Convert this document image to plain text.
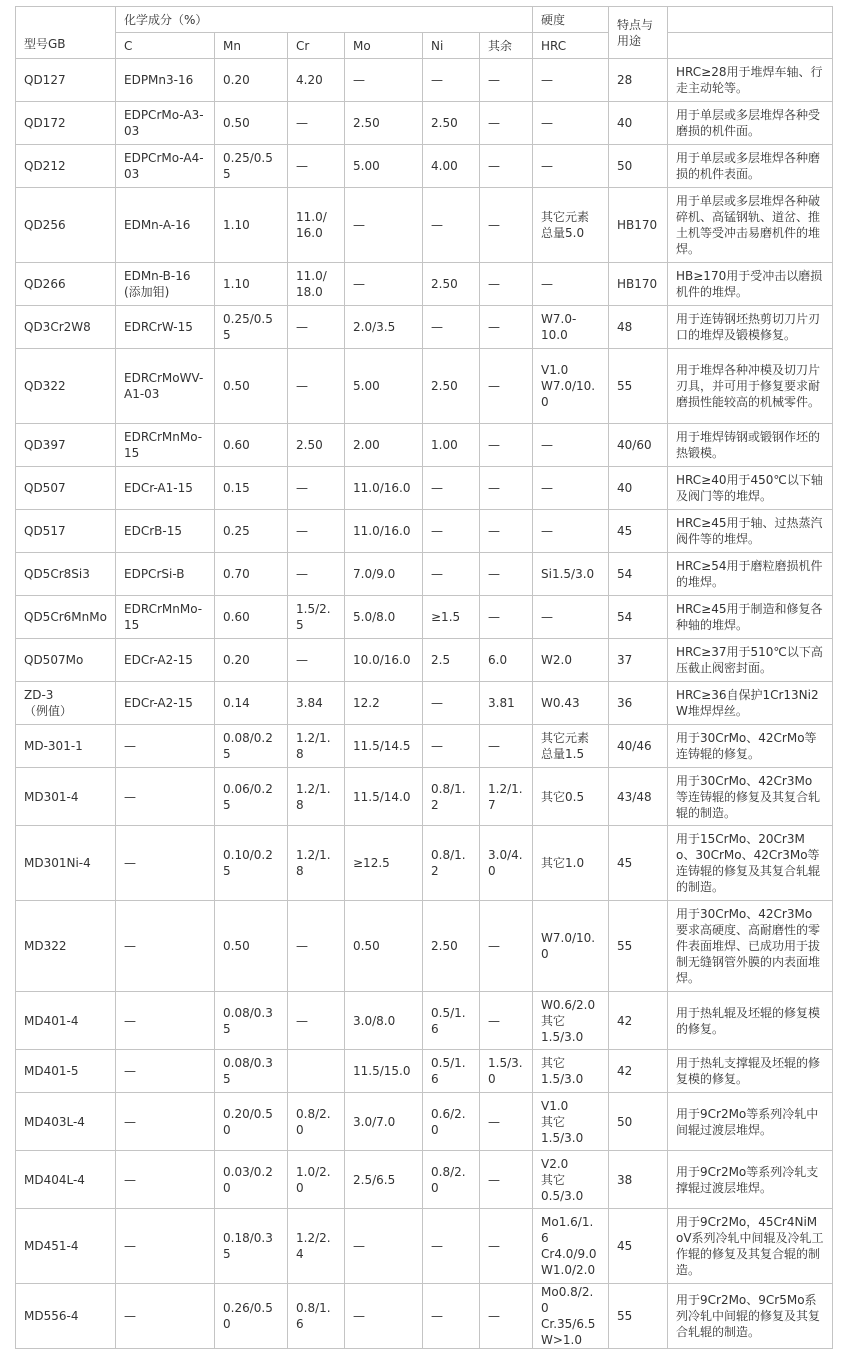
型号GB	化学成分（%）						硬度	特点与
用途	
	C	Mn	Cr	Mo	Ni	其余	HRC		
QD127	EDPMn3-16	0.20	4.20	—	—	—	—	28	HRC≥28用于堆焊车轴、行走主动轮等。
QD172	EDPCrMo-A3-03	0.50	—	2.50	2.50	—	—	40	用于单层或多层堆焊各种受磨损的机件面。
QD212	EDPCrMo-A4-03	0.25/0.55	—	5.00	4.00	—	—	50	用于单层或多层堆焊各种磨损的机件表面。
QD256	EDMn-A-16	1.10	11.0/
16.0	—	—	—	其它元素
总量5.0	HB170	用于单层或多层堆焊各种破碎机、高锰钢轨、道岔、推土机等受冲击易磨机件的堆焊。
QD266	EDMn-B-16
(添加钼)	1.10	11.0/
18.0	—	2.50	—	—	HB170	HB≥170用于受冲击以磨损机件的堆焊。
QD3Cr2W8	EDRCrW-15	0.25/0.55	—	2.0/3.5	—	—	W7.0-
10.0	48	用于连铸钢坯热剪切刀片刃口的堆焊及锻模修复。
QD322	EDRCrMoWV-A1-03	0.50	—	5.00	2.50	—	V1.0
W7.0/10.0	55	用于堆焊各种冲模及切刀片刃具，并可用于修复要求耐磨损性能较高的机械零件。
QD397	EDRCrMnMo-15	0.60	2.50	2.00	1.00	—	—	40/60	用于堆焊铸钢或锻钢作坯的热锻模。
QD507	EDCr-A1-15	0.15	—	11.0/16.0	—	—	—	40	HRC≥40用于450℃以下轴及阀门等的堆焊。
QD517	EDCrB-15	0.25	—	11.0/16.0	—	—	—	45	HRC≥45用于轴、过热蒸汽阀件等的堆焊。
QD5Cr8Si3	EDPCrSi-B	0.70	—	7.0/9.0	—	—	Si1.5/3.0	54	HRC≥54用于磨粒磨损机件的堆焊。
QD5Cr6MnMo	EDRCrMnMo-15	0.60	1.5/2.5	5.0/8.0	≥1.5	—	—	54	HRC≥45用于制造和修复各种轴的堆焊。
QD507Mo	EDCr-A2-15	0.20	—	10.0/16.0	2.5	6.0	W2.0	37	HRC≥37用于510℃以下高压截止阀密封面。
ZD-3
（例值）	EDCr-A2-15	0.14	3.84	12.2	—	3.81	W0.43	36	HRC≥36自保护1Cr13Ni2W堆焊焊丝。
MD-301-1	—	0.08/0.25	1.2/1.8	11.5/14.5	—	—	其它元素
总量1.5	40/46	用于30CrMo、42CrMo等连铸辊的修复。
MD301-4	—	0.06/0.25	1.2/1.8	11.5/14.0	0.8/1.2	1.2/1.7	其它0.5	43/48	用于30CrMo、42Cr3Mo等连铸辊的修复及其复合轧辊的制造。
MD301Ni-4	—	0.10/0.25	1.2/1.8	≥12.5	0.8/1.2	3.0/4.0	其它1.0	45	用于15CrMo、20Cr3Mo、30CrMo、42Cr3Mo等连铸辊的修复及其复合轧辊的制造。
MD322	—	0.50	—	0.50	2.50	—	W7.0/10.0	55	用于30CrMo、42Cr3Mo要求高硬度、高耐磨性的零件表面堆焊、已成功用于拔制无缝钢管外膜的内表面堆焊。
MD401-4	—	0.08/0.35	—	3.0/8.0	0.5/1.6	—	W0.6/2.0
其它
1.5/3.0	42	用于热轧辊及坯辊的修复模的修复。
MD401-5	—	0.08/0.35		11.5/15.0	0.5/1.6	1.5/3.0	其它
1.5/3.0	42	用于热轧支撑辊及坯辊的修复模的修复。
MD403L-4	—	0.20/0.50	0.8/2.0	3.0/7.0	0.6/2.0	—	V1.0
其它
1.5/3.0	50	用于9Cr2Mo等系列冷轧中间辊过渡层堆焊。
MD404L-4	—	0.03/0.20	1.0/2.0	2.5/6.5	0.8/2.0	—	V2.0
其它
0.5/3.0	38	用于9Cr2Mo等系列冷轧支撑辊过渡层堆焊。
MD451-4	—	0.18/0.35	1.2/2.4	—	—	—	Mo1.6/1.6
Cr4.0/9.0
W1.0/2.0	45	用于9Cr2Mo，45Cr4NiMoV系列冷轧中间辊及冷轧工作辊的修复及其复合辊的制造。
MD556-4	—	0.26/0.50	0.8/1.6	—	—	—	Mo0.8/2.0
Cr.35/6.5
W>1.0	55	用于9Cr2Mo、9Cr5Mo系列冷轧中间辊的修复及其复合轧辊的制造。
